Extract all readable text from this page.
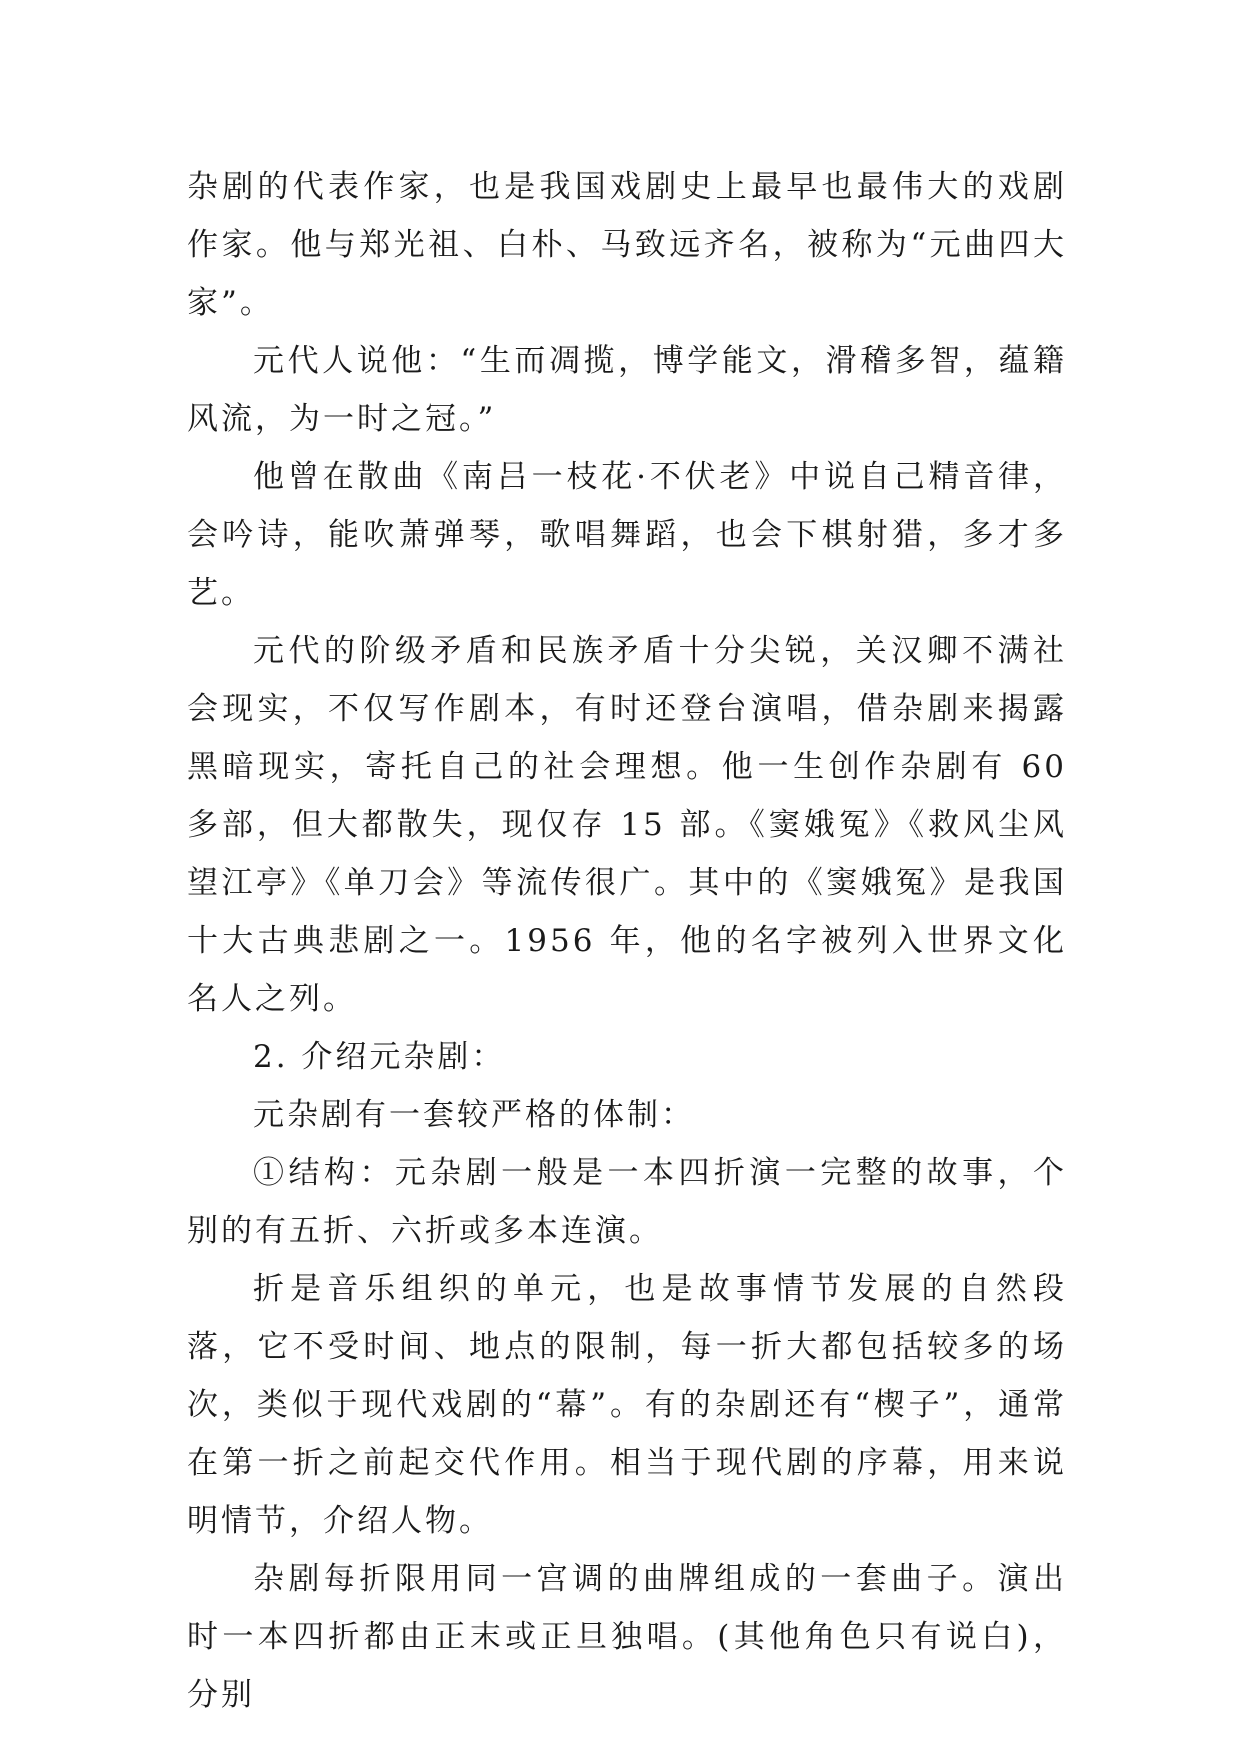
杂剧的代表作家，也是我国戏剧史上最早也最伟大的戏剧作家。他与郑光祖、白朴、马致远齐名，被称为“元曲四大家”。

元代人说他：“生而凋揽，博学能文，滑稽多智，蕴籍风流，为一时之冠。”

他曾在散曲《南吕一枝花·不伏老》中说自己精音律，会吟诗，能吹萧弹琴，歌唱舞蹈，也会下棋射猎，多才多艺。

元代的阶级矛盾和民族矛盾十分尖锐，关汉卿不满社会现实，不仅写作剧本，有时还登台演唱，借杂剧来揭露黑暗现实，寄托自己的社会理想。他一生创作杂剧有 60 多部，但大都散失，现仅存 15 部。《窦娥冤》《救风尘风望江亭》《单刀会》等流传很广。其中的《窦娥冤》是我国十大古典悲剧之一。1956 年，他的名字被列入世界文化名人之列。

2. 介绍元杂剧：

元杂剧有一套较严格的体制：

①结构：元杂剧一般是一本四折演一完整的故事，个别的有五折、六折或多本连演。

折是音乐组织的单元，也是故事情节发展的自然段落，它不受时间、地点的限制，每一折大都包括较多的场次，类似于现代戏剧的“幕”。有的杂剧还有“楔子”，通常在第一折之前起交代作用。相当于现代剧的序幕，用来说明情节，介绍人物。

杂剧每折限用同一宫调的曲牌组成的一套曲子。演出时一本四折都由正末或正旦独唱。(其他角色只有说白)，分别
